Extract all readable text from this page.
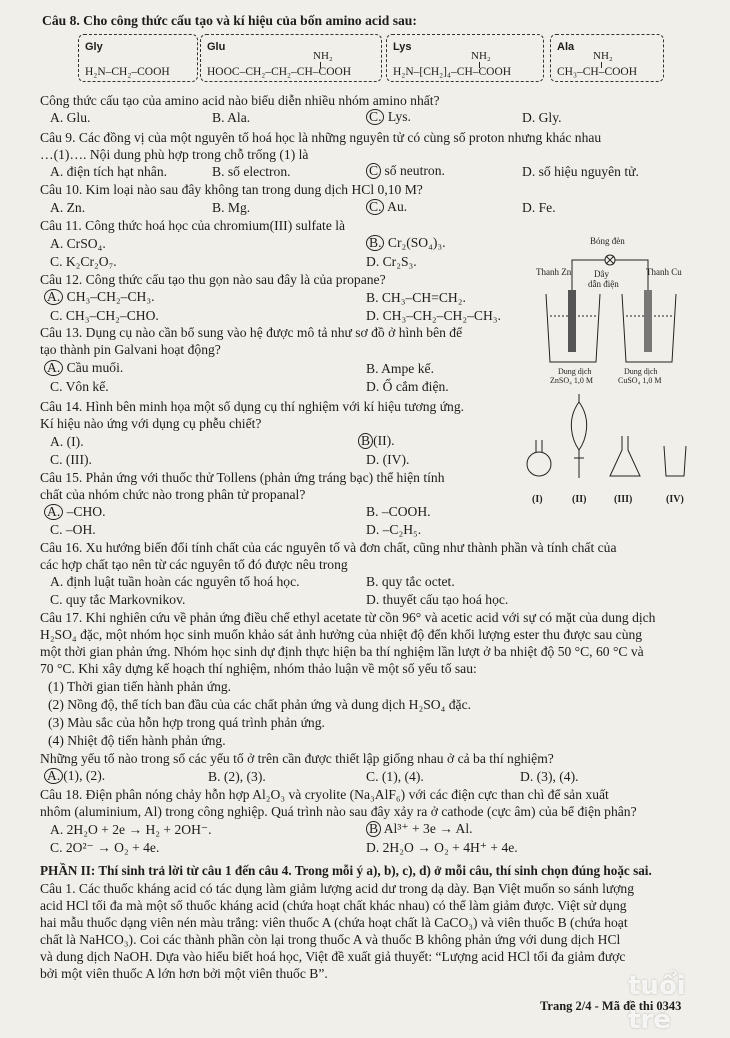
Câu 8. Cho công thức cấu tạo và kí hiệu của bốn amino acid sau:
Gly
H₂N–CH₂–COOH
Glu
NH₂
HOOC–CH₂–CH₂–CH–COOH
Lys
NH₂
H₂N–[CH₂]₄–CH–COOH
Ala
NH₂
CH₃–CH–COOH
Công thức cấu tạo của amino acid nào biểu diễn nhiều nhóm amino nhất?
A. Glu.	B. Ala.	C. Lys.	D. Gly.
Câu 9. Các đồng vị của một nguyên tố hoá học là những nguyên tử có cùng số proton nhưng khác nhau
…(1)…. Nội dung phù hợp trong chỗ trống (1) là
A. điện tích hạt nhân.	B. số electron.	C số neutron.	D. số hiệu nguyên tử.
Câu 10. Kim loại nào sau đây không tan trong dung dịch HCl 0,10 M?
A. Zn.	B. Mg.	C. Au.	D. Fe.
Câu 11. Công thức hoá học của chromium(III) sulfate là
A. CrSO₄.	B. Cr₂(SO₄)₃.
C. K₂Cr₂O₇.	D. Cr₂S₃.
Câu 12. Công thức cấu tạo thu gọn nào sau đây là của propane?
A. CH₃–CH₂–CH₃.	B. CH₃–CH=CH₂.
C. CH₃–CH₂–CHO.	D. CH₃–CH₂–CH₂–CH₃.
Câu 13. Dụng cụ nào cần bổ sung vào hệ được mô tả như sơ đồ ở hình bên để
tạo thành pin Galvani hoạt động?
A. Cầu muối.	B. Ampe kế.
C. Vôn kế.	D. Ổ cắm điện.
Bóng đèn
Thanh Zn	Dây
dẫn điện
Thanh Cu
Dung dịch
ZnSO₄ 1,0 M
Dung dịch
CuSO₄ 1,0 M
Câu 14. Hình bên minh họa một số dụng cụ thí nghiệm với kí hiệu tương ứng.
Kí hiệu nào ứng với dụng cụ phễu chiết?
A. (I).	B (II).
C. (III).	D. (IV).
(I)	(II)	(III)	(IV)
Câu 15. Phản ứng với thuốc thử Tollens (phản ứng tráng bạc) thể hiện tính
chất của nhóm chức nào trong phân tử propanal?
A. –CHO.	B. –COOH.
C. –OH.	D. –C₂H₅.
Câu 16. Xu hướng biến đổi tính chất của các nguyên tố và đơn chất, cũng như thành phần và tính chất của
các hợp chất tạo nên từ các nguyên tố đó được nêu trong
A. định luật tuần hoàn các nguyên tố hoá học.	B. quy tắc octet.
C. quy tắc Markovnikov.	D. thuyết cấu tạo hoá học.
Câu 17. Khi nghiên cứu về phản ứng điều chế ethyl acetate từ cồn 96° và acetic acid với sự có mặt của dung dịch
H₂SO₄ đặc, một nhóm học sinh muốn khảo sát ảnh hưởng của nhiệt độ đến khối lượng ester thu được sau cùng
một thời gian phản ứng. Nhóm học sinh dự định thực hiện ba thí nghiệm lần lượt ở ba nhiệt độ 50 °C, 60 °C và
70 °C. Khi xây dựng kế hoạch thí nghiệm, nhóm thảo luận về một số yếu tố sau:
(1) Thời gian tiến hành phản ứng.
(2) Nồng độ, thể tích ban đầu của các chất phản ứng và dung dịch H₂SO₄ đặc.
(3) Màu sắc của hỗn hợp trong quá trình phản ứng.
(4) Nhiệt độ tiến hành phản ứng.
Những yếu tố nào trong số các yếu tố ở trên cần được thiết lập giống nhau ở cả ba thí nghiệm?
A. (1), (2).	B. (2), (3).	C. (1), (4).	D. (3), (4).
Câu 18. Điện phân nóng chảy hỗn hợp Al₂O₃ và cryolite (Na₃AlF₆) với các điện cực than chì để sản xuất
nhôm (aluminium, Al) trong công nghiệp. Quá trình nào sau đây xảy ra ở cathode (cực âm) của bể điện phân?
A. 2H₂O + 2e → H₂ + 2OH⁻.	B Al³⁺ + 3e → Al.
C. 2O²⁻ → O₂ + 4e.	D. 2H₂O → O₂ + 4H⁺ + 4e.
PHẦN II: Thí sinh trả lời từ câu 1 đến câu 4. Trong mỗi ý a), b), c), d) ở mỗi câu, thí sinh chọn đúng hoặc sai.
Câu 1. Các thuốc kháng acid có tác dụng làm giảm lượng acid dư trong dạ dày. Bạn Việt muốn so sánh lượng
acid HCl tối đa mà một số thuốc kháng acid (chứa hoạt chất khác nhau) có thể làm giảm được. Việt sử dụng
hai mẫu thuốc dạng viên nén màu trắng: viên thuốc A (chứa hoạt chất là CaCO₃) và viên thuốc B (chứa hoạt
chất là NaHCO₃). Coi các thành phần còn lại trong thuốc A và thuốc B không phản ứng với dung dịch HCl
và dung dịch NaOH. Dựa vào hiểu biết hoá học, Việt đề xuất giả thuyết: “Lượng acid HCl tối đa giảm được
bởi một viên thuốc A lớn hơn bởi một viên thuốc B”.	tuổi trẻ
Trang 2/4 - Mã đề thi 0343
